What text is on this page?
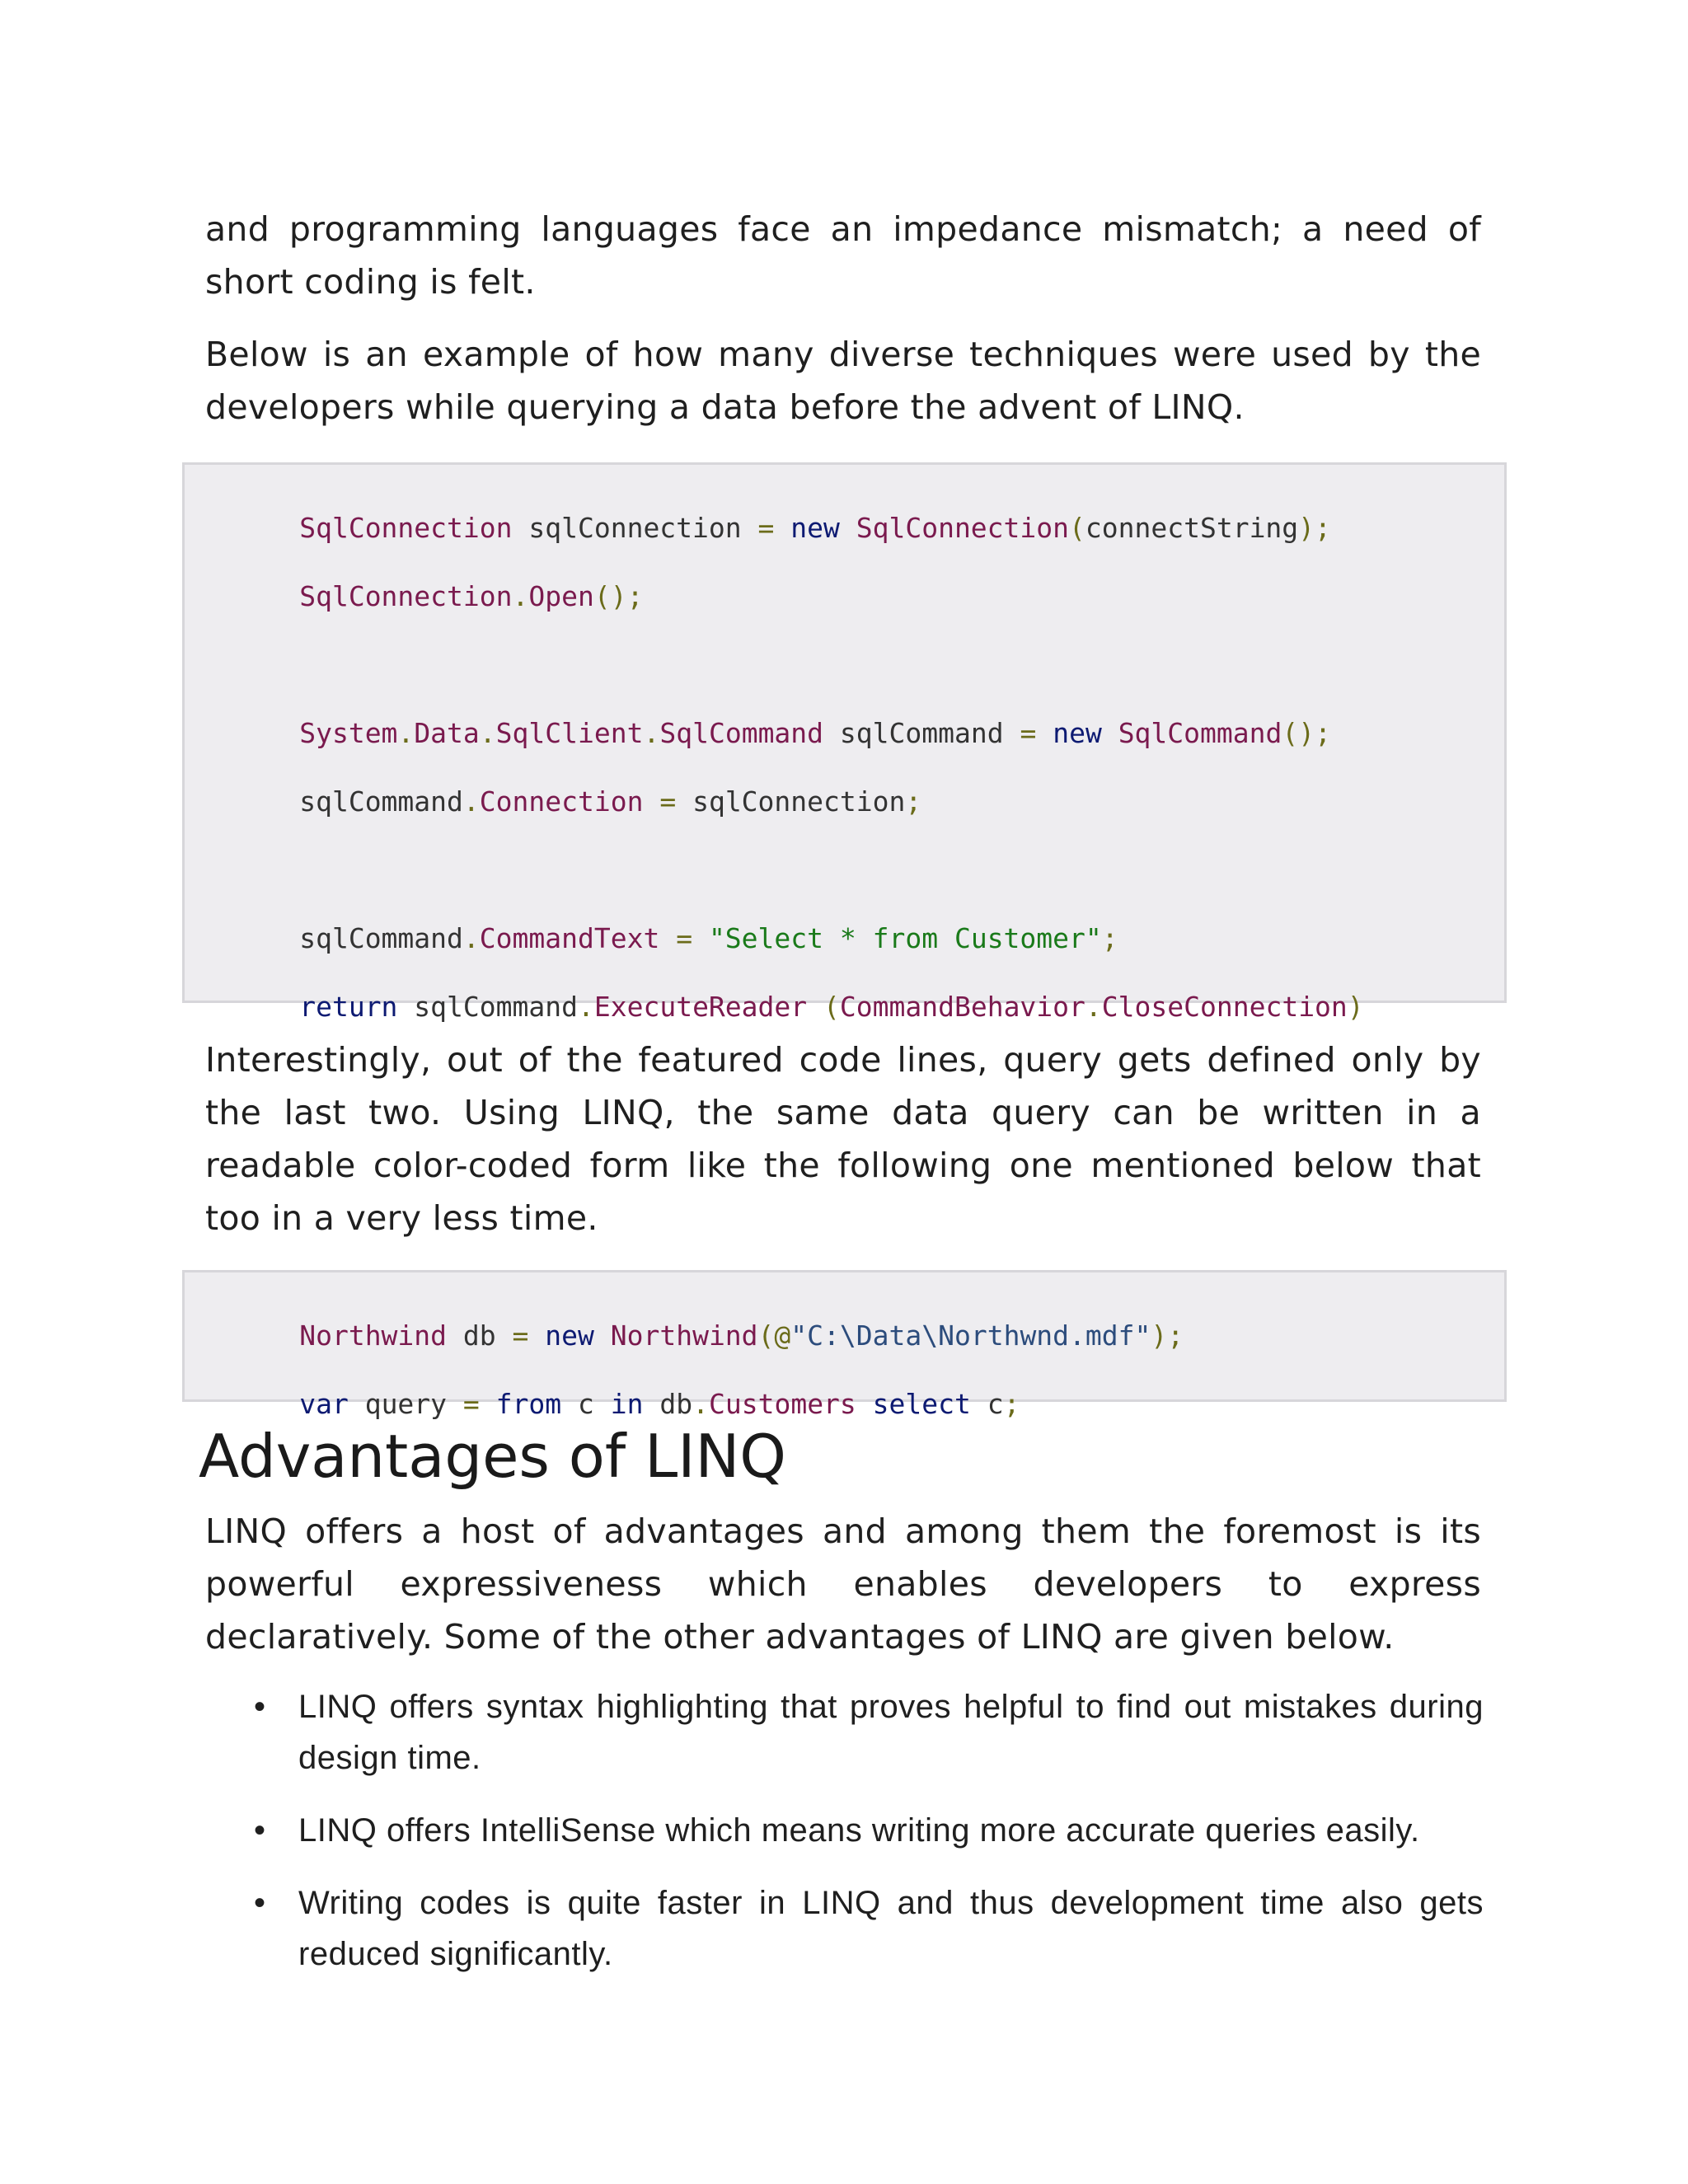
and programming languages face an impedance mismatch; a need of short coding is felt.

Below is an example of how many diverse techniques were used by the developers while querying a data before the advent of LINQ.

SqlConnection sqlConnection = new SqlConnection(connectString);

SqlConnection.Open();

System.Data.SqlClient.SqlCommand sqlCommand = new SqlCommand();

sqlCommand.Connection = sqlConnection;

sqlCommand.CommandText = "Select * from Customer";

return sqlCommand.ExecuteReader (CommandBehavior.CloseConnection)

Interestingly, out of the featured code lines, query gets defined only by the last two. Using LINQ, the same data query can be written in a readable color-coded form like the following one mentioned below that too in a very less time.

Northwind db = new Northwind(@"C:\Data\Northwnd.mdf");

var query = from c in db.Customers select c;

Advantages of LINQ

LINQ offers a host of advantages and among them the foremost is its powerful expressiveness which enables developers to express declaratively. Some of the other advantages of LINQ are given below.

• LINQ offers syntax highlighting that proves helpful to find out mistakes during design time.
• LINQ offers IntelliSense which means writing more accurate queries easily.
• Writing codes is quite faster in LINQ and thus development time also gets reduced significantly.
